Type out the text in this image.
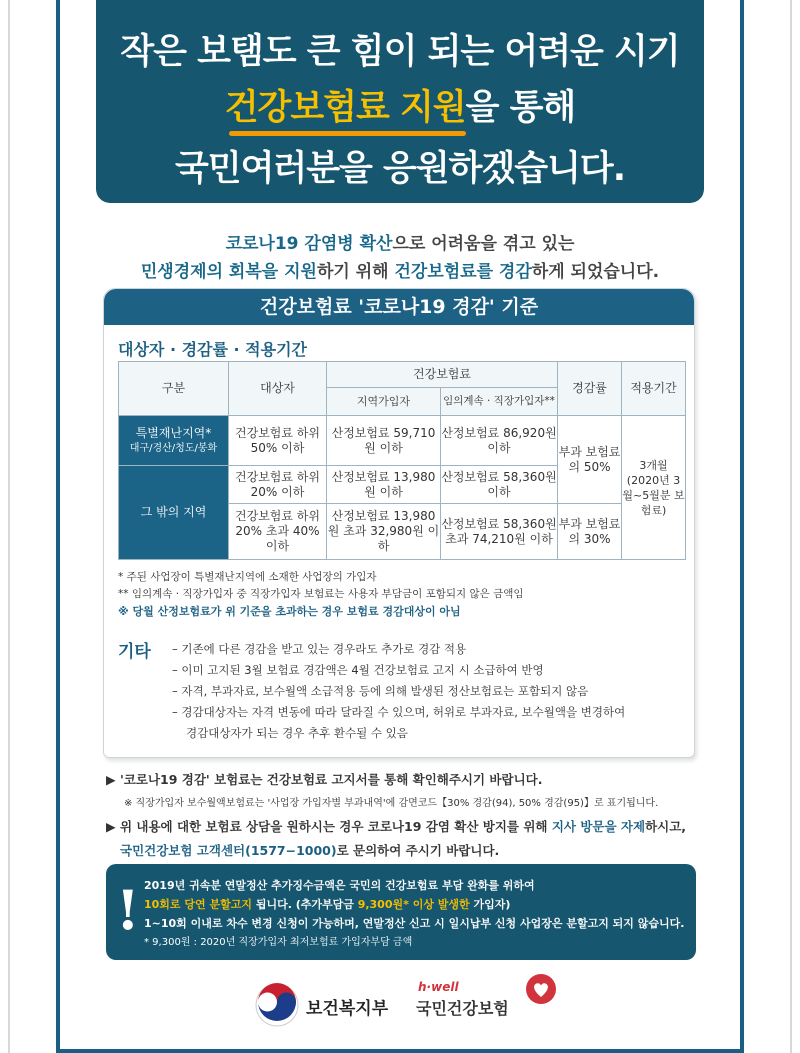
작은 보탬도 큰 힘이 되는 어려운 시기
건강보험료 지원을 통해
국민여러분을 응원하겠습니다.
코로나19 감염병 확산으로 어려움을 겪고 있는
민생경제의 회복을 지원하기 위해 건강보험료를 경감하게 되었습니다.
건강보험료 '코로나19 경감' 기준
대상자 · 경감률 · 적용기간
구분	대상자	건강보험료		경감률	적용기간
		지역가입자	임의계속 · 직장가입자**		

특별재난지역*
대구/경산/청도/봉화	건강보험료 하위 50% 이하	산정보험료 59,710원 이하	산정보험료 86,920원 이하	부과 보험료의 50%	3개월 (2020년 3월~5월분 보험료)
그 밖의 지역	건강보험료 하위 20% 이하	산정보험료 13,980원 이하	산정보험료 58,360원 이하		
	건강보험료 하위 20% 초과 40% 이하	산정보험료 13,980원 초과 32,980원 이하	산정보험료 58,360원 초과 74,210원 이하	부과 보험료의 30%	
* 주된 사업장이 특별재난지역에 소재한 사업장의 가입자
** 임의계속 · 직장가입자 중 직장가입자 보험료는 사용자 부담금이 포함되지 않은 금액임
※ 당월 산정보험료가 위 기준을 초과하는 경우 보험료 경감대상이 아님
기타 – 기존에 다른 경감을 받고 있는 경우라도 추가로 경감 적용
– 이미 고지된 3월 보험료 경감액은 4월 건강보험료 고지 시 소급하여 반영
– 자격, 부과자료, 보수월액 소급적용 등에 의해 발생된 정산보험료는 포함되지 않음
– 경감대상자는 자격 변동에 따라 달라질 수 있으며, 허위로 부과자료, 보수월액을 변경하여
경감대상자가 되는 경우 추후 환수될 수 있음
▶ '코로나19 경감' 보험료는 건강보험료 고지서를 통해 확인해주시기 바랍니다.
※ 직장가입자 보수월액보험료는 '사업장 가입자별 부과내역'에 감면코드【30% 경감(94), 50% 경감(95)】로 표기됩니다.
▶ 위 내용에 대한 보험료 상담을 원하시는 경우 코로나19 감염 확산 방지를 위해 지사 방문을 자제하시고,
국민건강보험 고객센터(1577−1000)로 문의하여 주시기 바랍니다.
! 2019년 귀속분 연말정산 추가징수금액은 국민의 건강보험료 부담 완화를 위하여
10회로 당연 분할고지 됩니다. (추가부담금 9,300원* 이상 발생한 가입자)
1~10회 이내로 차수 변경 신청이 가능하며, 연말정산 신고 시 일시납부 신청 사업장은 분할고지 되지 않습니다.
* 9,300원 : 2020년 직장가입자 최저보험료 가입자부담 금액
보건복지부
h·well
국민건강보험
